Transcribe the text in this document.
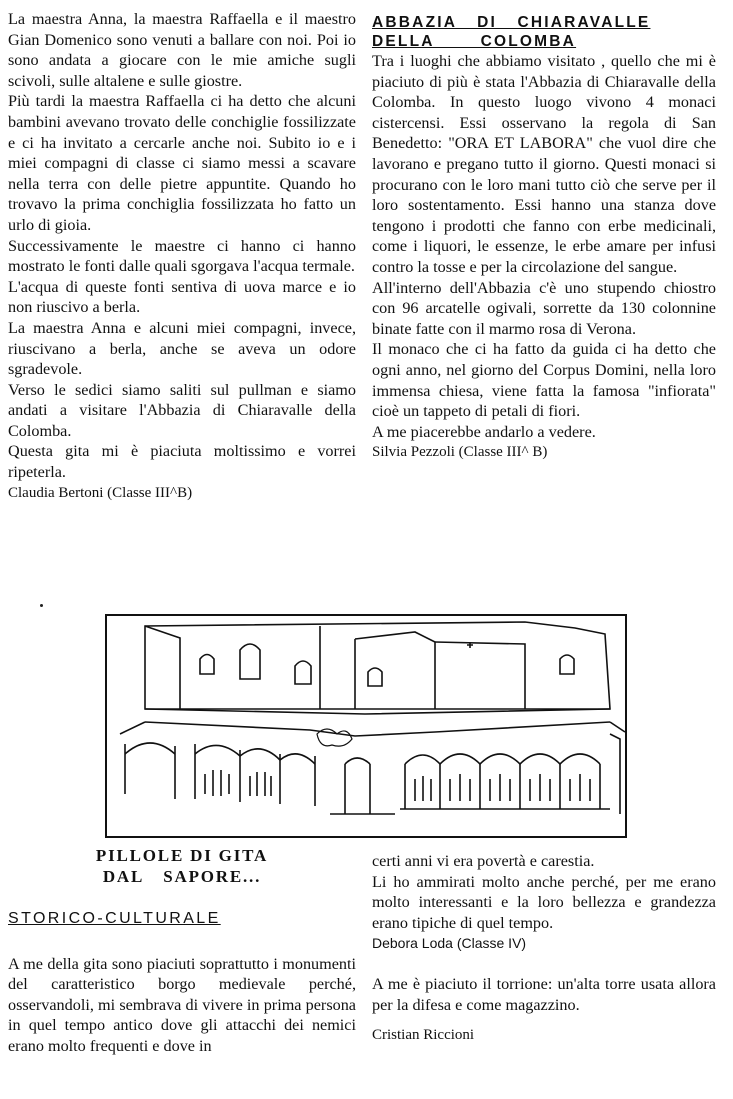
La maestra Anna, la maestra Raffaella e il maestro Gian Domenico sono venuti a ballare con noi. Poi io sono andata a giocare con le mie amiche sugli scivoli, sulle altalene e sulle giostre.

Più tardi la maestra Raffaella ci ha detto che alcuni bambini avevano trovato delle conchiglie fossilizzate e ci ha invitato a cercarle anche noi. Subito io e i miei compagni di classe ci siamo messi a scavare nella terra con delle pietre appuntite. Quando ho trovavo la prima conchiglia fossilizzata ho fatto un urlo di gioia.

Successivamente le maestre ci hanno ci hanno mostrato le fonti dalle quali sgorgava l'acqua termale.

L'acqua di queste fonti sentiva di uova marce e io non riuscivo a berla.

La maestra Anna e alcuni miei compagni, invece, riuscivano a berla, anche se aveva un odore sgradevole.

Verso le sedici siamo saliti sul pullman e siamo andati a visitare l'Abbazia di Chiaravalle della Colomba.

Questa gita mi è piaciuta moltissimo e vorrei ripeterla.

Claudia Bertoni (Classe III^B)

ABBAZIA DI CHIARAVALLE
DELLA COLOMBA

Tra i luoghi che abbiamo visitato , quello che mi è piaciuto di più è stata l'Abbazia di Chiaravalle della Colomba. In questo luogo vivono 4 monaci cistercensi. Essi osservano la regola di San Benedetto: "ORA ET LABORA" che vuol dire che lavorano e pregano tutto il giorno. Questi monaci si procurano con le loro mani tutto ciò che serve per il loro sostentamento. Essi hanno una stanza dove tengono i prodotti che fanno con erbe medicinali, come i liquori, le essenze, le erbe amare per infusi contro la tosse e per la circolazione del sangue.

All'interno dell'Abbazia c'è uno stupendo chiostro con 96 arcatelle ogivali, sorrette da 130 colonnine binate fatte con il marmo rosa di Verona.

Il monaco che ci ha fatto da guida ci ha detto che ogni anno, nel giorno del Corpus Domini, nella loro immensa chiesa, viene fatta la famosa "infiorata" cioè un tappeto di petali di fiori.

A me piacerebbe andarlo a vedere.

Silvia Pezzoli (Classe III^ B)

PILLOLE DI GITA
DAL SAPORE...
STORICO-CULTURALE

A me della gita sono piaciuti soprattutto i monumenti del caratteristico borgo medievale perché, osservandoli, mi sembrava di vivere in prima persona in quel tempo antico dove gli attacchi dei nemici erano molto frequenti e dove in

certi anni vi era povertà e carestia.

Li ho ammirati molto anche perché, per me erano molto interessanti e la loro bellezza e grandezza erano tipiche di quel tempo.

Debora Loda (Classe IV)

A me è piaciuto il torrione: un'alta torre usata allora per la difesa e come magazzino.

Cristian Riccioni
